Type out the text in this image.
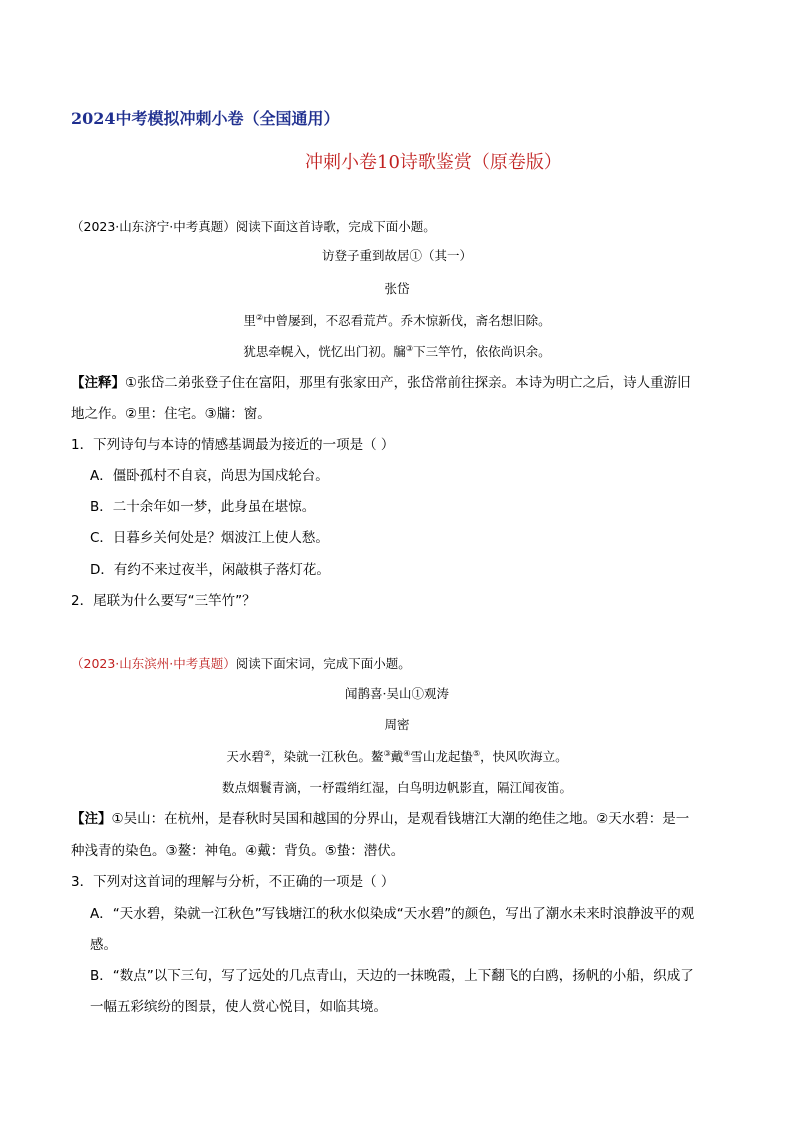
2024中考模拟冲刺小卷（全国通用）
冲刺小卷10诗歌鉴赏（原卷版）
（2023·山东济宁·中考真题）阅读下面这首诗歌，完成下面小题。
访登子重到故居①（其一）
张岱
里②中曾屡到，不忍看荒芦。乔木惊新伐，斋名想旧除。
犹思牵幌入，恍忆出门初。牖③下三竿竹，依依尚识余。
【注释】①张岱二弟张登子住在富阳，那里有张家田产，张岱常前往探亲。本诗为明亡之后，诗人重游旧
地之作。②里：住宅。③牖：窗。
1．下列诗句与本诗的情感基调最为接近的一项是（ ）
A．僵卧孤村不自哀，尚思为国戍轮台。
B．二十余年如一梦，此身虽在堪惊。
C．日暮乡关何处是？烟波江上使人愁。
D．有约不来过夜半，闲敲棋子落灯花。
2．尾联为什么要写“三竿竹”？
（2023·山东滨州·中考真题）阅读下面宋词，完成下面小题。
闻鹊喜·吴山①观涛
周密
天水碧②，染就一江秋色。鳌③戴④雪山龙起蛰⑤，快风吹海立。
数点烟鬟青滴，一杼霞绡红湿，白鸟明边帆影直，隔江闻夜笛。
【注】①吴山：在杭州，是春秋时吴国和越国的分界山，是观看钱塘江大潮的绝佳之地。②天水碧：是一
种浅青的染色。③鳌：神龟。④戴：背负。⑤蛰：潜伏。
3．下列对这首词的理解与分析，不正确的一项是（ ）
A．“天水碧，染就一江秋色”写钱塘江的秋水似染成“天水碧”的颜色，写出了潮水未来时浪静波平的观
感。
B．“数点”以下三句，写了远处的几点青山，天边的一抹晚霞，上下翻飞的白鸥，扬帆的小船，织成了
一幅五彩缤纷的图景，使人赏心悦目，如临其境。
